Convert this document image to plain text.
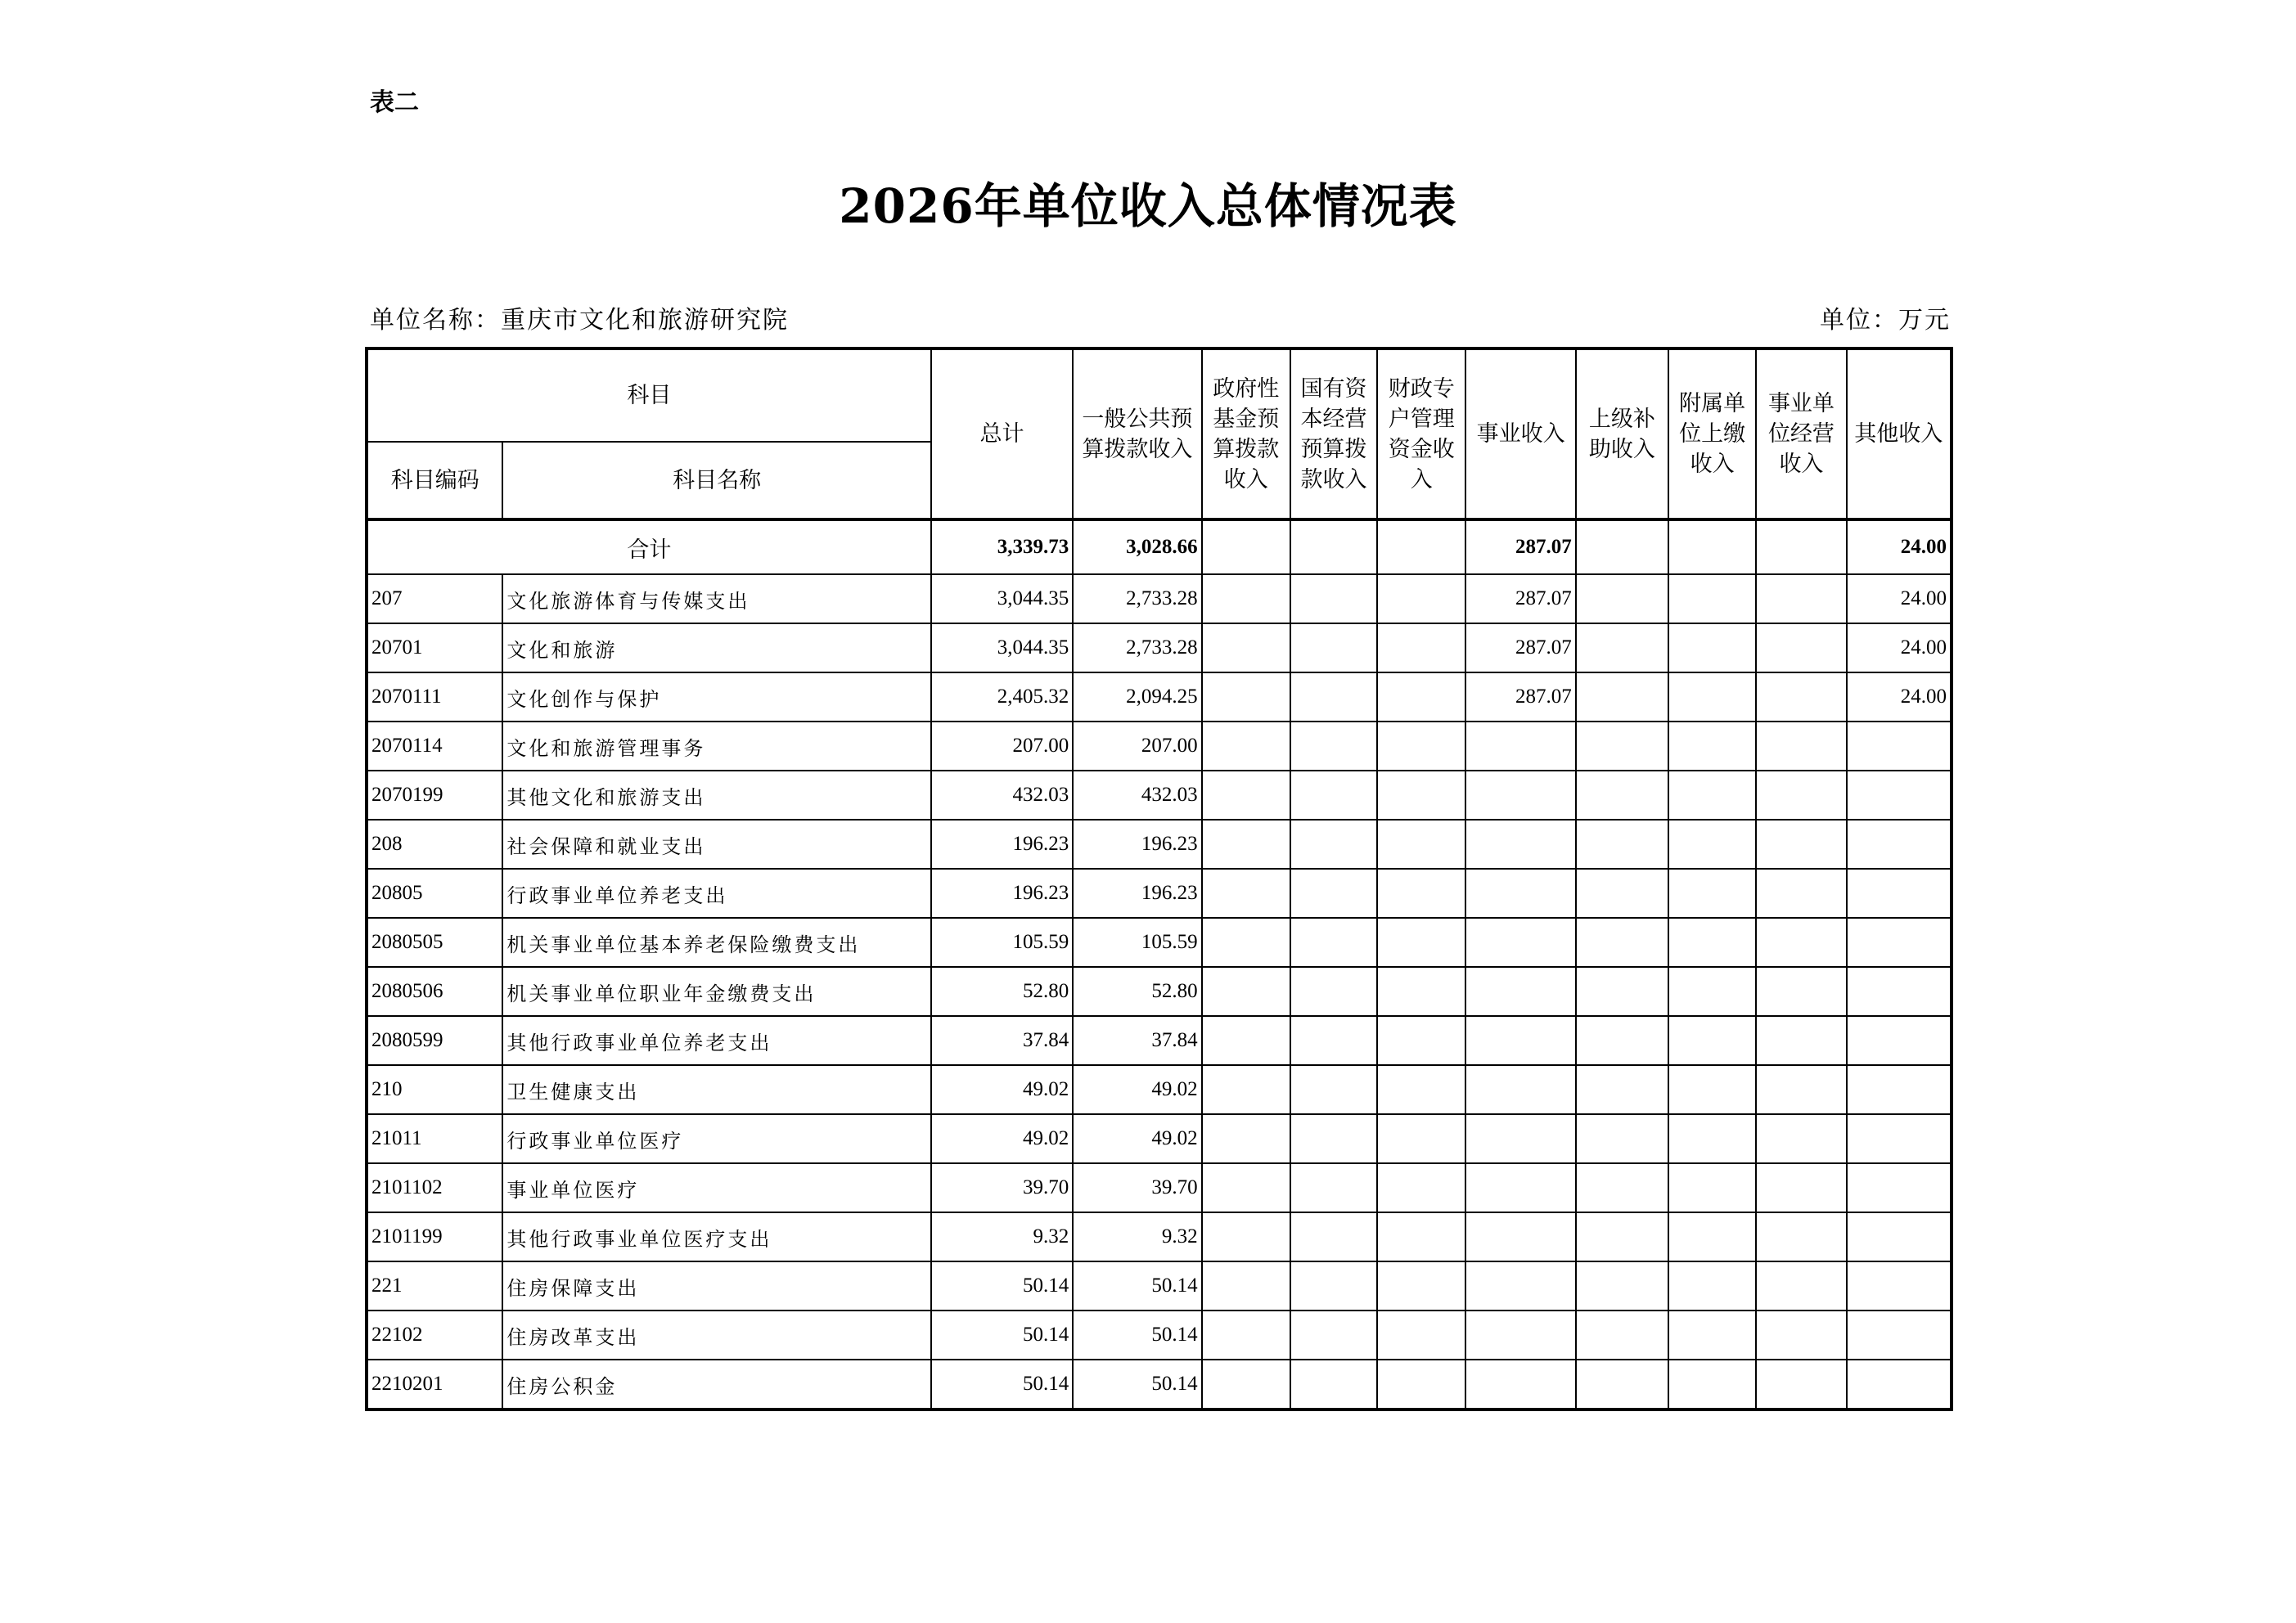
表二
2026年单位收入总体情况表
单位名称：重庆市文化和旅游研究院	单位：万元
科目		总计	一般公共预算拨款收入	政府性基金预算拨款收入	国有资本经营预算拨款收入	财政专户管理资金收入	事业收入	上级补助收入	附属单位上缴收入	事业单位经营收入	其他收入
科目编码	科目名称										
合计		3,339.73	3,028.66				287.07				24.00
207	文化旅游体育与传媒支出	3,044.35	2,733.28				287.07				24.00
20701	文化和旅游	3,044.35	2,733.28				287.07				24.00
2070111	文化创作与保护	2,405.32	2,094.25				287.07				24.00
2070114	文化和旅游管理事务	207.00	207.00								
2070199	其他文化和旅游支出	432.03	432.03								
208	社会保障和就业支出	196.23	196.23								
20805	行政事业单位养老支出	196.23	196.23								
2080505	机关事业单位基本养老保险缴费支出	105.59	105.59								
2080506	机关事业单位职业年金缴费支出	52.80	52.80								
2080599	其他行政事业单位养老支出	37.84	37.84								
210	卫生健康支出	49.02	49.02								
21011	行政事业单位医疗	49.02	49.02								
2101102	事业单位医疗	39.70	39.70								
2101199	其他行政事业单位医疗支出	9.32	9.32								
221	住房保障支出	50.14	50.14								
22102	住房改革支出	50.14	50.14								
2210201	住房公积金	50.14	50.14								
